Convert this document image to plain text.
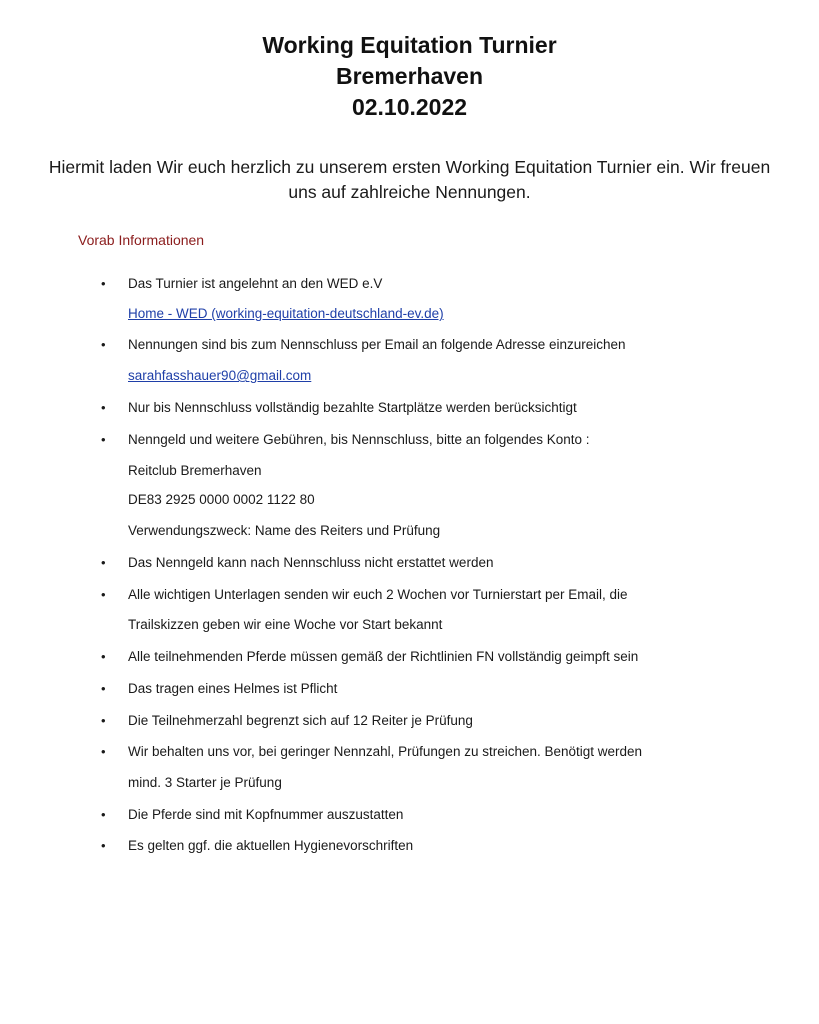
Working Equitation Turnier
Bremerhaven
02.10.2022
Hiermit laden Wir euch herzlich zu unserem ersten Working Equitation Turnier ein. Wir freuen uns auf zahlreiche Nennungen.
Vorab Informationen
• Das Turnier ist angelehnt an den WED e.V
Home - WED (working-equitation-deutschland-ev.de)
• Nennungen sind bis zum Nennschluss per Email an folgende Adresse einzureichen
sarahfasshauer90@gmail.com
• Nur bis Nennschluss vollständig bezahlte Startplätze werden berücksichtigt
• Nenngeld und weitere Gebühren, bis Nennschluss, bitte an folgendes Konto :
Reitclub Bremerhaven
DE83 2925 0000 0002 1122 80
Verwendungszweck: Name des Reiters und Prüfung
• Das Nenngeld kann nach Nennschluss nicht erstattet werden
• Alle wichtigen Unterlagen senden wir euch 2 Wochen vor Turnierstart per Email, die
Trailskizzen geben wir eine Woche vor Start bekannt
• Alle teilnehmenden Pferde müssen gemäß der Richtlinien FN vollständig geimpft sein
• Das tragen eines Helmes ist Pflicht
• Die Teilnehmerzahl begrenzt sich auf 12 Reiter je Prüfung
• Wir behalten uns vor, bei geringer Nennzahl, Prüfungen zu streichen. Benötigt werden
mind. 3 Starter je Prüfung
• Die Pferde sind mit Kopfnummer auszustatten
• Es gelten ggf. die aktuellen Hygienevorschriften
